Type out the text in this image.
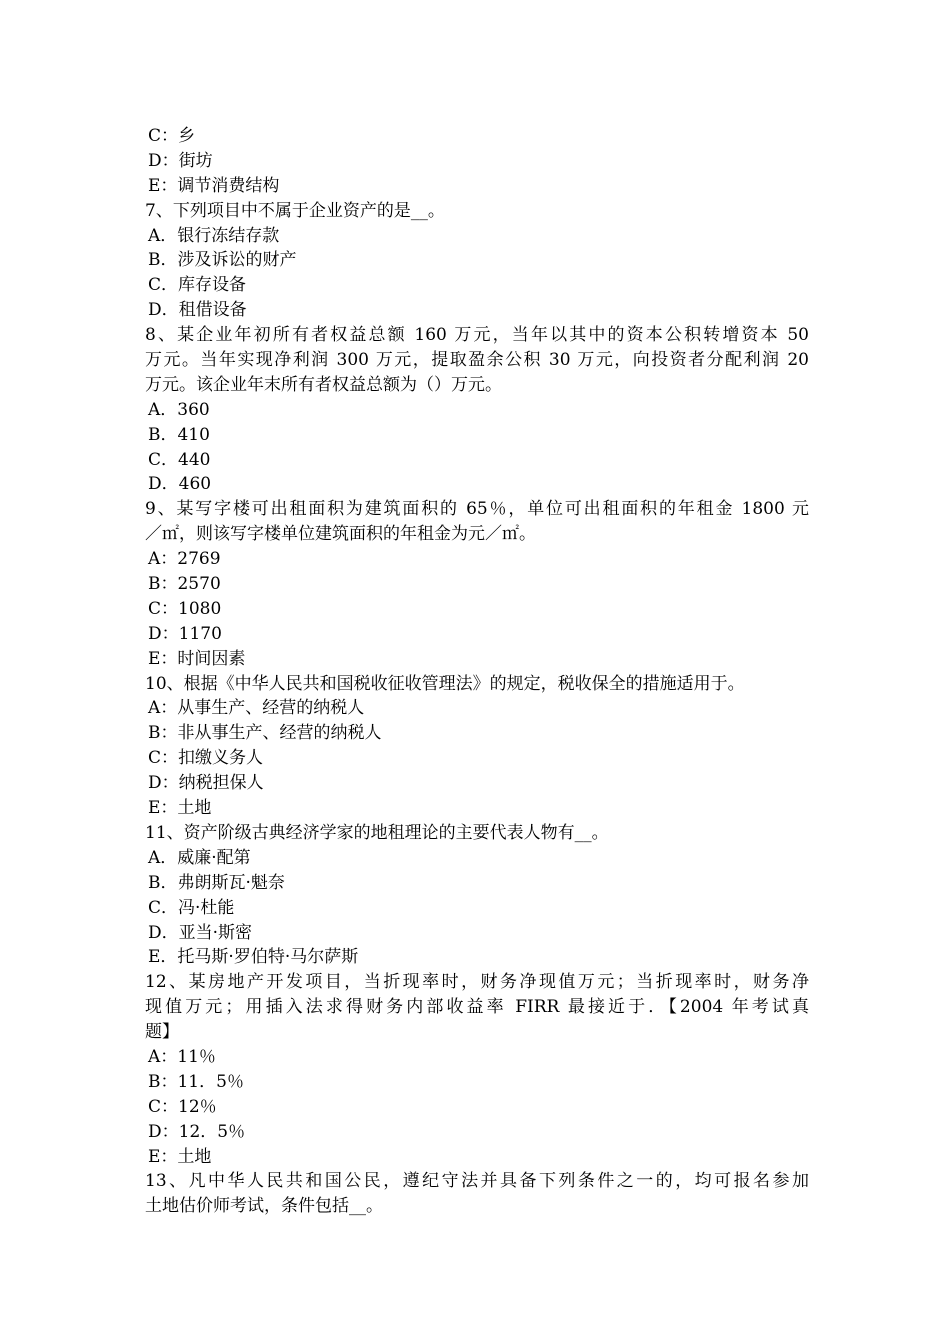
C：乡
D：街坊
E：调节消费结构
7、下列项目中不属于企业资产的是__。
A．银行冻结存款
B．涉及诉讼的财产
C．库存设备
D．租借设备
8、某企业年初所有者权益总额 160 万元，当年以其中的资本公积转增资本 50
万元。当年实现净利润 300 万元，提取盈余公积 30 万元，向投资者分配利润 20
万元。该企业年末所有者权益总额为（）万元。
A．360
B．410
C．440
D．460
9、某写字楼可出租面积为建筑面积的 65％，单位可出租面积的年租金 1800 元
／㎡，则该写字楼单位建筑面积的年租金为元／㎡。
A：2769
B：2570
C：1080
D：1170
E：时间因素
10、根据《中华人民共和国税收征收管理法》的规定，税收保全的措施适用于。
A：从事生产、经营的纳税人
B：非从事生产、经营的纳税人
C：扣缴义务人
D：纳税担保人
E：土地
11、资产阶级古典经济学家的地租理论的主要代表人物有__。
A．威廉·配第
B．弗朗斯瓦·魁奈
C．冯·杜能
D．亚当·斯密
E．托马斯·罗伯特·马尔萨斯
12、某房地产开发项目，当折现率时，财务净现值万元；当折现率时，财务净
现值万元；用插入法求得财务内部收益率 FIRR 最接近于．【2004 年考试真
题】
A：11％
B：11．5％
C：12％
D：12．5％
E：土地
13、凡中华人民共和国公民，遵纪守法并具备下列条件之一的，均可报名参加
土地估价师考试，条件包括__。
